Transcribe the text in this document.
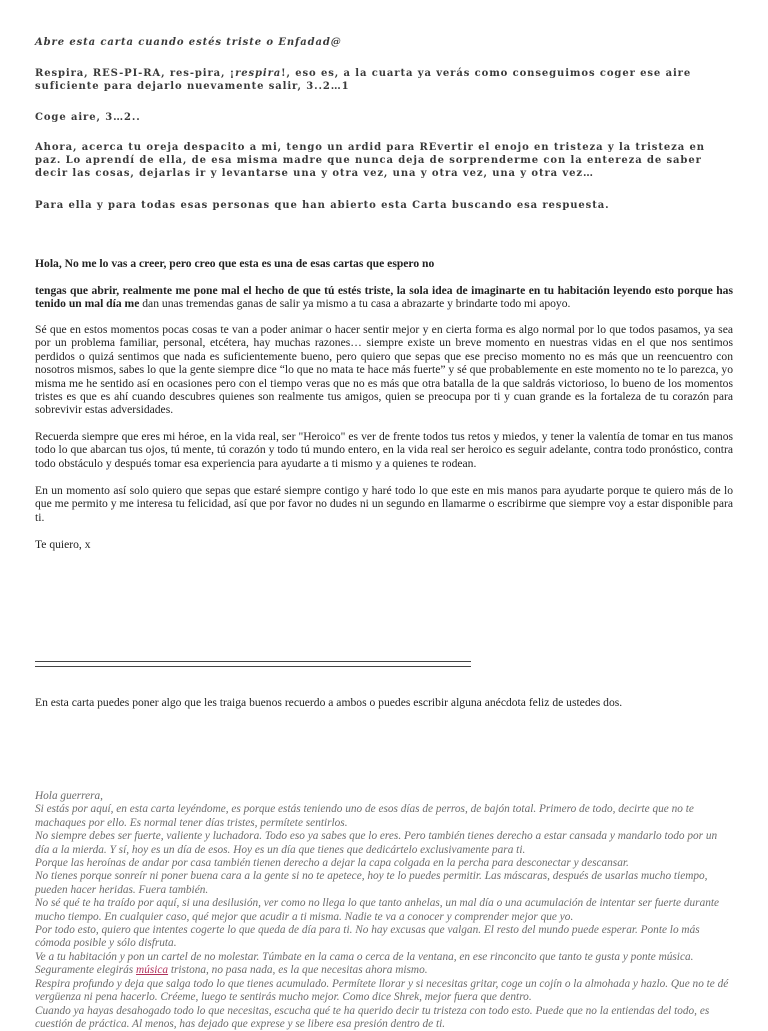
Abre esta carta cuando estés triste o Enfadad@
Respira, RES-PI-RA, res-pira, ¡respira!, eso es, a la cuarta ya verás como conseguimos coger ese aire suficiente para dejarlo nuevamente salir, 3..2…1
Coge aire, 3…2..
Ahora, acerca tu oreja despacito a mi, tengo un ardid para REvertir el enojo en tristeza y la tristeza en paz. Lo aprendí de ella, de esa misma madre que nunca deja de sorprenderme con la entereza de saber decir las cosas, dejarlas ir y levantarse una y otra vez, una y otra vez, una y otra vez…
Para ella y para todas esas personas que han abierto esta Carta buscando esa respuesta.
Hola, No me lo vas a creer, pero creo que esta es una de esas cartas que espero no
tengas que abrir, realmente me pone mal el hecho de que tú estés triste, la sola idea de imaginarte en tu habitación leyendo esto porque has tenido un mal día me dan unas tremendas ganas de salir ya mismo a tu casa a abrazarte y brindarte todo mi apoyo.
Sé que en estos momentos pocas cosas te van a poder animar o hacer sentir mejor y en cierta forma es algo normal por lo que todos pasamos, ya sea por un problema familiar, personal, etcétera, hay muchas razones… siempre existe un breve momento en nuestras vidas en el que nos sentimos perdidos o quizá sentimos que nada es suficientemente bueno, pero quiero que sepas que ese preciso momento no es más que un reencuentro con nosotros mismos, sabes lo que la gente siempre dice “lo que no mata te hace más fuerte” y sé que probablemente en este momento no te lo parezca, yo misma me he sentido así en ocasiones pero con el tiempo veras que no es más que otra batalla de la que saldrás victorioso, lo bueno de los momentos tristes es que es ahí cuando descubres quienes son realmente tus amigos, quien se preocupa por ti y cuan grande es la fortaleza de tu corazón para sobrevivir estas adversidades.
Recuerda siempre que eres mi héroe, en la vida real, ser "Heroico" es ver de frente todos tus retos y miedos, y tener la valentía de tomar en tus manos todo lo que abarcan tus ojos, tú mente, tú corazón y todo tú mundo entero, en la vida real ser heroico es seguir adelante, contra todo pronóstico, contra todo obstáculo y después tomar esa experiencia para ayudarte a ti mismo y a quienes te rodean.
En un momento así solo quiero que sepas que estaré siempre contigo y haré todo lo que este en mis manos para ayudarte porque te quiero más de lo que me permito y me interesa tu felicidad, así que por favor no dudes ni un segundo en llamarme o escribirme que siempre voy a estar disponible para ti.
Te quiero, x
En esta carta puedes poner algo que les traiga buenos recuerdo a ambos o puedes escribir alguna anécdota feliz de ustedes dos.

Hola guerrera,

Si estás por aquí, en esta carta leyéndome, es porque estás teniendo uno de esos días de perros, de bajón total. Primero de todo, decirte que no te machaques por ello. Es normal tener días tristes, permítete sentirlos.

No siempre debes ser fuerte, valiente y luchadora. Todo eso ya sabes que lo eres. Pero también tienes derecho a estar cansada y mandarlo todo por un día a la mierda. Y sí, hoy es un día de esos. Hoy es un día que tienes que dedicártelo exclusivamente para ti.

Porque las heroínas de andar por casa también tienen derecho a dejar la capa colgada en la percha para desconectar y descansar.

No tienes porque sonreír ni poner buena cara a la gente si no te apetece, hoy te lo puedes permitir. Las máscaras, después de usarlas mucho tiempo, pueden hacer heridas. Fuera también.

No sé qué te ha traído por aquí, si una desilusión, ver como no llega lo que tanto anhelas, un mal día o una acumulación de intentar ser fuerte durante mucho tiempo. En cualquier caso, qué mejor que acudir a ti misma. Nadie te va a conocer y comprender mejor que yo.

Por todo esto, quiero que intentes cogerte lo que queda de día para ti. No hay excusas que valgan. El resto del mundo puede esperar. Ponte lo más cómoda posible y sólo disfruta.

Ve a tu habitación y pon un cartel de no molestar. Túmbate en la cama o cerca de la ventana, en ese rinconcito que tanto te gusta y ponte música.

Seguramente elegirás música tristona, no pasa nada, es la que necesitas ahora mismo.

Respira profundo y deja que salga todo lo que tienes acumulado. Permítete llorar y si necesitas gritar, coge un cojín o la almohada y hazlo. Que no te dé vergüenza ni pena hacerlo. Créeme, luego te sentirás mucho mejor. Como dice Shrek, mejor fuera que dentro.

Cuando ya hayas desahogado todo lo que necesitas, escucha qué te ha querido decir tu tristeza con todo esto. Puede que no la entiendas del todo, es cuestión de práctica. Al menos, has dejado que exprese y se libere esa presión dentro de ti.
